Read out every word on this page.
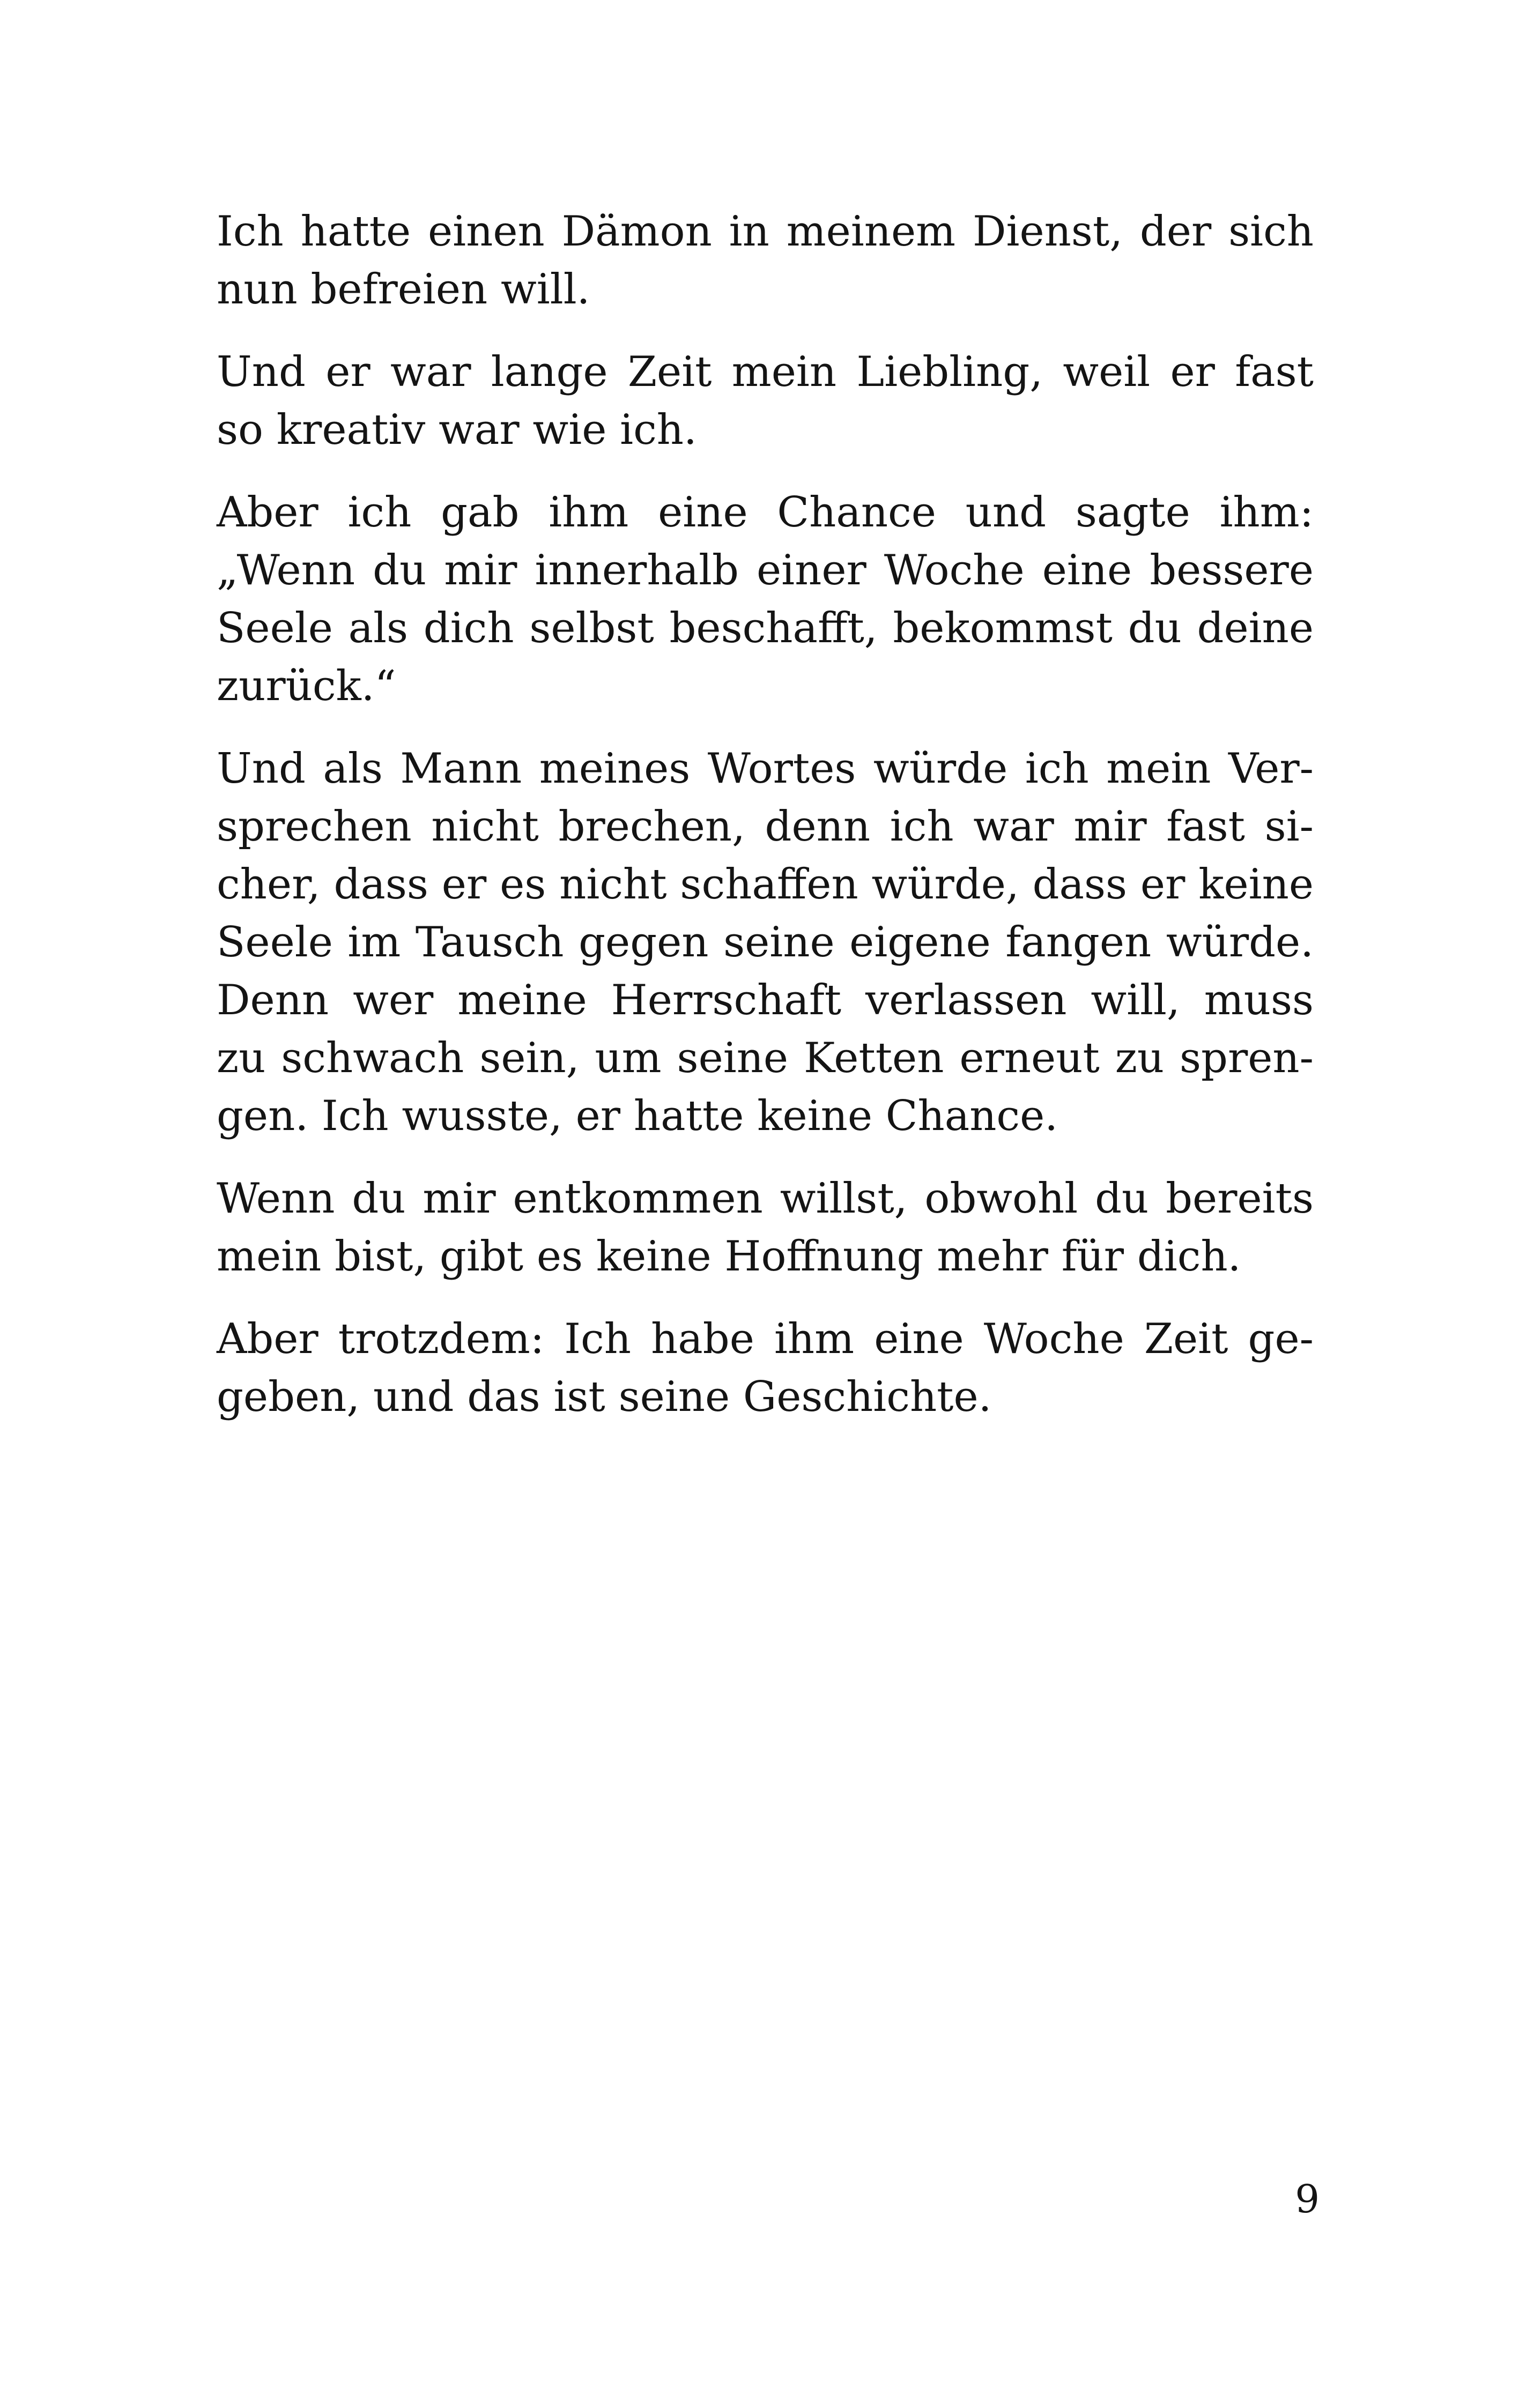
Ich hatte einen Dämon in meinem Dienst, der sich
nun befreien will.
Und er war lange Zeit mein Liebling, weil er fast
so kreativ war wie ich.
Aber ich gab ihm eine Chance und sagte ihm:
„Wenn du mir innerhalb einer Woche eine bessere
Seele als dich selbst beschafft, bekommst du deine
zurück.“
Und als Mann meines Wortes würde ich mein Ver-
sprechen nicht brechen, denn ich war mir fast si-
cher, dass er es nicht schaffen würde, dass er keine
Seele im Tausch gegen seine eigene fangen würde.
Denn wer meine Herrschaft verlassen will, muss
zu schwach sein, um seine Ketten erneut zu spren-
gen. Ich wusste, er hatte keine Chance.
Wenn du mir entkommen willst, obwohl du bereits
mein bist, gibt es keine Hoffnung mehr für dich.
Aber trotzdem: Ich habe ihm eine Woche Zeit ge-
geben, und das ist seine Geschichte.
9
